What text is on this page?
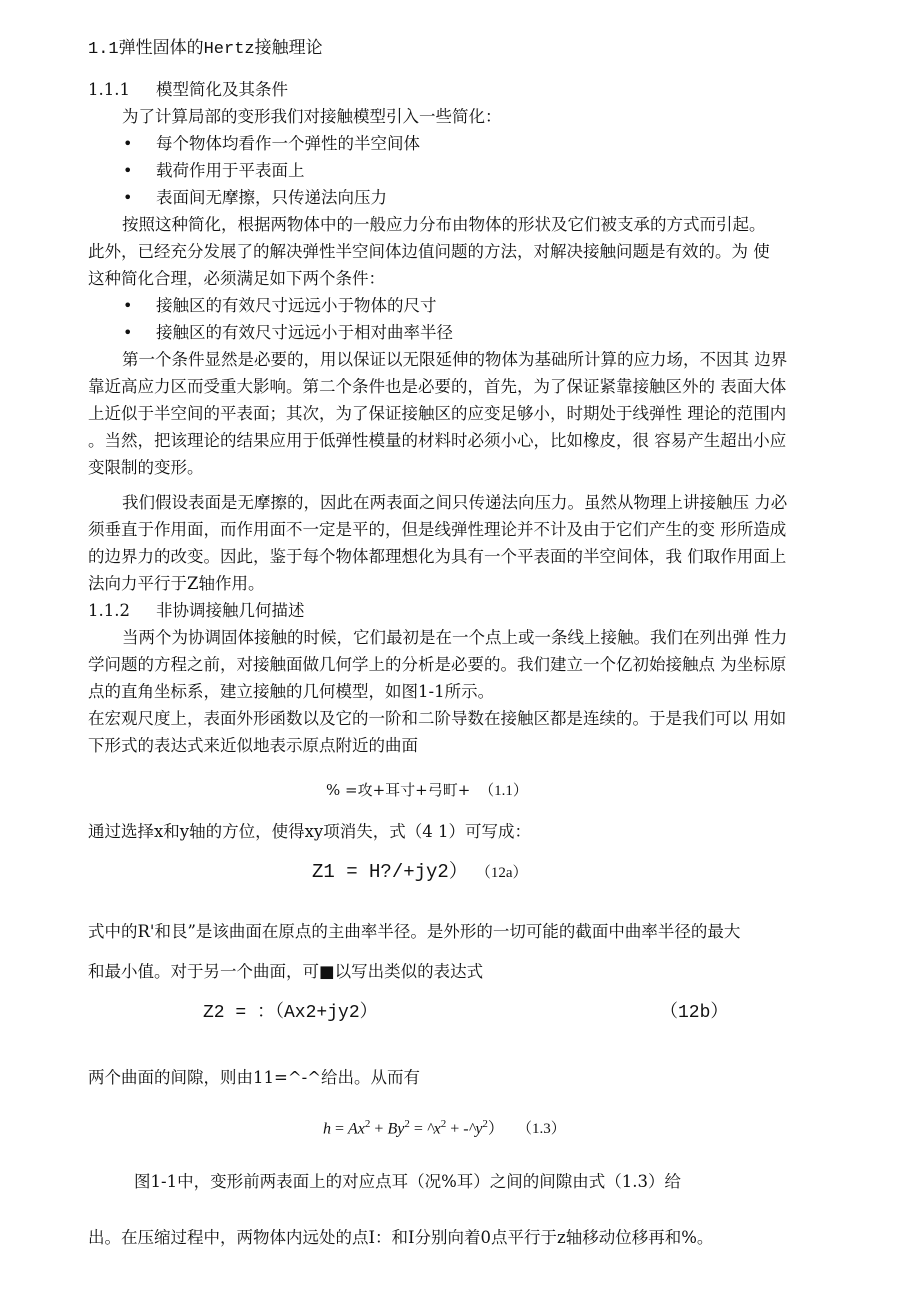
1.1弹性固体的Hertz接触理论
1.1.1 模型简化及其条件
为了计算局部的变形我们对接触模型引入一些简化：
• 每个物体均看作一个弹性的半空间体
• 载荷作用于平表面上
• 表面间无摩擦，只传递法向压力
按照这种简化，根据两物体中的一般应力分布由物体的形状及它们被支承的方式而引起。
此外，已经充分发展了的解决弹性半空间体边值问题的方法，对解决接触问题是有效的。为 使
这种简化合理，必须满足如下两个条件：
• 接触区的有效尺寸远远小于物体的尺寸
• 接触区的有效尺寸远远小于相对曲率半径
第一个条件显然是必要的，用以保证以无限延伸的物体为基础所计算的应力场，不因其 边界
靠近高应力区而受重大影响。第二个条件也是必要的，首先，为了保证紧靠接触区外的 表面大体
上近似于半空间的平表面；其次，为了保证接触区的应变足够小，时期处于线弹性 理论的范围内
。当然，把该理论的结果应用于低弹性模量的材料时必须小心，比如橡皮，很 容易产生超出小应
变限制的变形。
我们假设表面是无摩擦的，因此在两表面之间只传递法向压力。虽然从物理上讲接触压 力必
须垂直于作用面，而作用面不一定是平的，但是线弹性理论并不计及由于它们产生的变 形所造成
的边界力的改变。因此，鉴于每个物体都理想化为具有一个平表面的半空间体，我 们取作用面上
法向力平行于Z轴作用。
1.1.2 非协调接触几何描述
当两个为协调固体接触的时候，它们最初是在一个点上或一条线上接触。我们在列出弹 性力
学问题的方程之前，对接触面做几何学上的分析是必要的。我们建立一个亿初始接触点 为坐标原
点的直角坐标系，建立接触的几何模型，如图1-1所示。
在宏观尺度上，表面外形函数以及它的一阶和二阶导数在接触区都是连续的。于是我们可以 用如
下形式的表达式来近似地表示原点附近的曲面
% =攻+耳寸+弓町+ （1.1）
通过选择x和y轴的方位，使得xy项消失，式（4 1）可写成：
Z1 = H?/+jy2） （12a）
式中的R'和艮”是该曲面在原点的主曲率半径。是外形的一切可能的截面中曲率半径的最大
和最小值。对于另一个曲面，可■以写出类似的表达式
Z2 = ：（Ax2+jy2）	（12b）
两个曲面的间隙，则由11=^-^给出。从而有
$h = Ax^2 + By^2$ = $\^{}x^2$ + $-\^{}y^2$） （1.3）
图1-1中，变形前两表面上的对应点耳（况%耳）之间的间隙由式（1.3）给
出。在压缩过程中，两物体内远处的点I：和I分别向着0点平行于z轴移动位移再和%。
